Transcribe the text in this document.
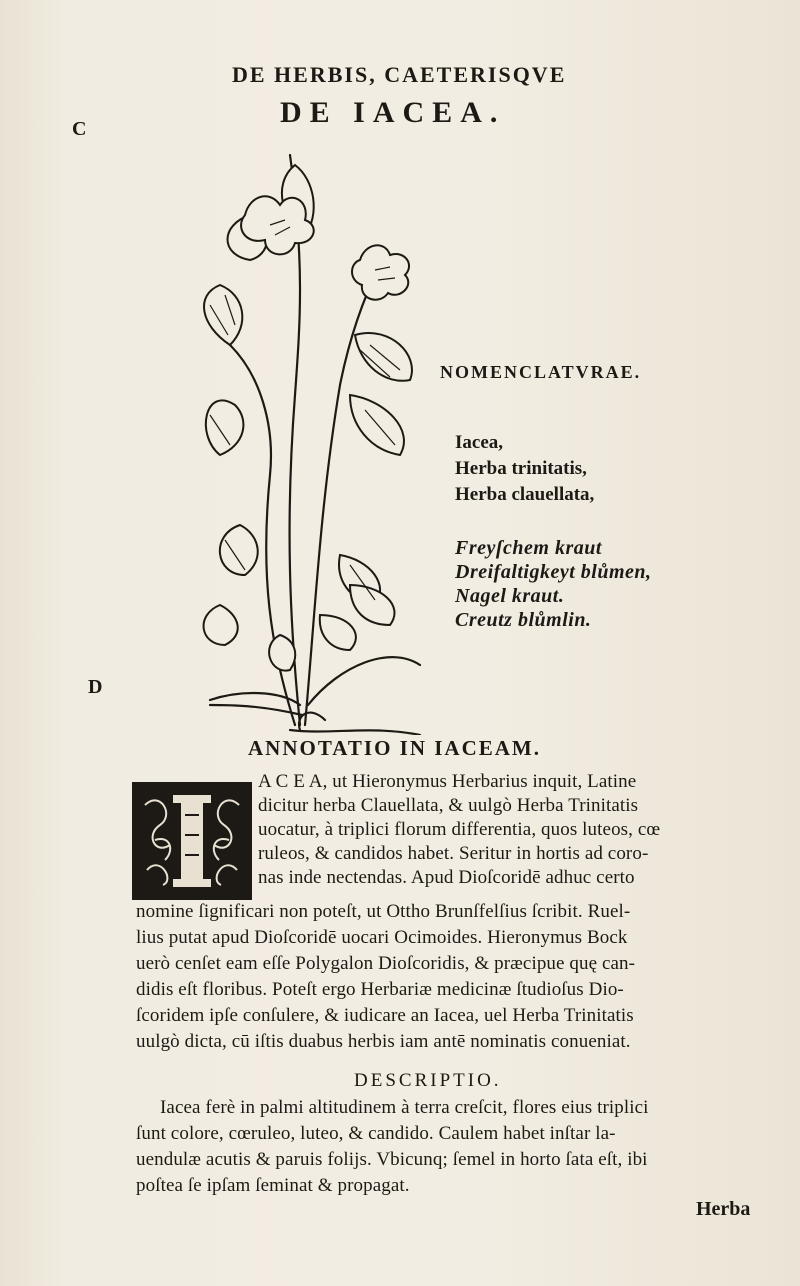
DE HERBIS, CAETERISQVE
DE IACEA.
C
D
NOMENCLATVRAE.
Iacea,
Herba trinitatis,
Herba clauellata,
Freyſchem kraut
Dreifaltigkeyt blůmen,
Nagel kraut.
Creutz blůmlin.
ANNOTATIO IN IACEAM.
A C E A, ut Hieronymus Herbarius inquit, Latine
dicitur herba Clauellata, & uulgò Herba Trinitatis
uocatur, à triplici florum differentia, quos luteos, cœ
ruleos, & candidos habet. Seritur in hortis ad coro-
nas inde nectendas. Apud Dioſcoridē adhuc certo
nomine ſignificari non poteſt, ut Ottho Brunſfelſius ſcribit. Ruel-
lius putat apud Dioſcoridē uocari Ocimoides. Hieronymus Bock
uerò cenſet eam eſſe Polygalon Dioſcoridis, & præcipue quę can-
didis eſt floribus. Poteſt ergo Herbariæ medicinæ ſtudioſus Dio-
ſcoridem ipſe conſulere, & iudicare an Iacea, uel Herba Trinitatis
uulgò dicta, cū iſtis duabus herbis iam antē nominatis conueniat.
DESCRIPTIO.
Iacea ferè in palmi altitudinem à terra creſcit, flores eius triplici
ſunt colore, cœruleo, luteo, & candido. Caulem habet inſtar la-
uendulæ acutis & paruis folijs. Vbicunq; ſemel in horto ſata eſt, ibi
poſtea ſe ipſam ſeminat & propagat.
Herba
